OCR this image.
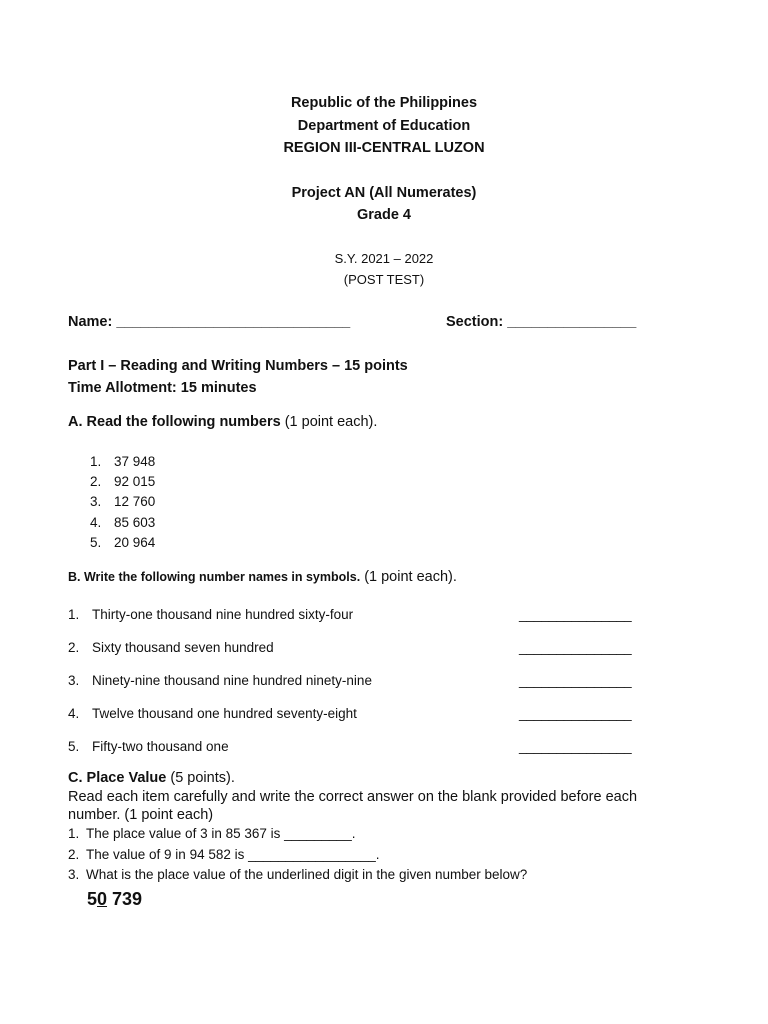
Republic of the Philippines
Department of Education
REGION III-CENTRAL LUZON
Project AN (All Numerates)
Grade 4
S.Y. 2021 – 2022
(POST TEST)
Name: _____________________________	Section: ________________
Part I – Reading and Writing Numbers – 15 points
Time Allotment: 15 minutes
A. Read the following numbers (1 point each).
1. 37 948
2. 92 015
3. 12 760
4. 85 603
5. 20 964
B. Write the following number names in symbols. (1 point each).
1. Thirty-one thousand nine hundred sixty-four	_______________
2. Sixty thousand seven hundred	_______________
3. Ninety-nine thousand nine hundred ninety-nine	_______________
4. Twelve thousand one hundred seventy-eight	_______________
5. Fifty-two thousand one	_______________
C. Place Value (5 points).
Read each item carefully and write the correct answer on the blank provided before each
number. (1 point each)
1. The place value of 3 in 85 367 is _________.
2. The value of 9 in 94 582 is _________________.
3. What is the place value of the underlined digit in the given number below?
50 739
